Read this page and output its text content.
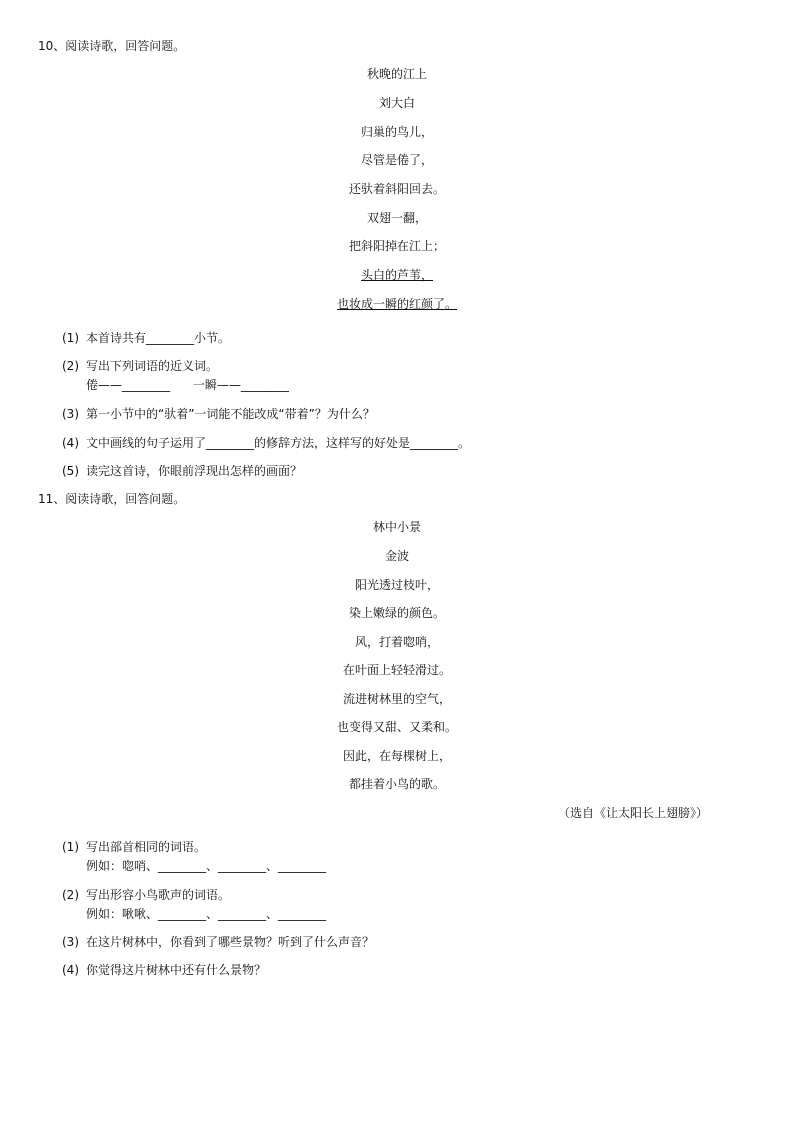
10、阅读诗歌，回答问题。
秋晚的江上
刘大白
归巢的鸟儿，
尽管是倦了，
还驮着斜阳回去。
双翅一翻，
把斜阳掉在江上；
头白的芦苇，
也妆成一瞬的红颜了。
(1) 本首诗共有________小节。
(2) 写出下列词语的近义词。
倦——________      一瞬——________
(3) 第一小节中的“驮着”一词能不能改成“带着”？为什么？
(4) 文中画线的句子运用了________的修辞方法，这样写的好处是________。
(5) 读完这首诗，你眼前浮现出怎样的画面？
11、阅读诗歌，回答问题。
林中小景
金波
阳光透过枝叶，
染上嫩绿的颜色。
风，打着唿哨，
在叶面上轻轻滑过。
流进树林里的空气，
也变得又甜、又柔和。
因此，在每棵树上，
都挂着小鸟的歌。
（选自《让太阳长上翅膀》）
(1) 写出部首相同的词语。
例如：唿哨、________、________、________
(2) 写出形容小鸟歌声的词语。
例如：啾啾、________、________、________
(3) 在这片树林中，你看到了哪些景物？听到了什么声音？
(4) 你觉得这片树林中还有什么景物？
